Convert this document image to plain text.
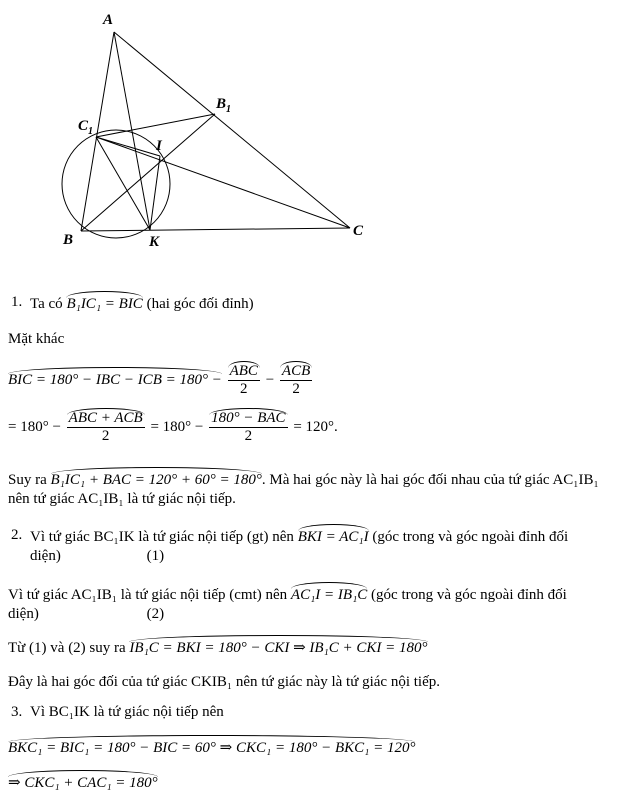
A
$B_1$
$C_1$
I
B	K
C
1. Ta có B₁IC₁ = BIC (hai góc đối đỉnh)
Mặt khác
BIC = 180° − IBC − ICB = $180^\circ - \frac{\text{ABC}}{2} - \frac{\text{ACB}}{2}$
= $180^\circ - \frac{\text{ABC + ACB}}{2} = 180^\circ - \frac{\text{180° − BAC}}{2} = 120^\circ$.
Suy ra B₁IC₁ + BAC = 120° + 60° = 180°. Mà hai góc này là hai góc đối nhau của tứ giác AC₁IB₁
nên tứ giác AC₁IB₁ là tứ giác nội tiếp.
2. Vì tứ giác BC₁IK là tứ giác nội tiếp (gt) nên BKI = AC₁I (góc trong và góc ngoài đỉnh đối
diện)	(1)
Vì tứ giác AC₁IB₁ là tứ giác nội tiếp (cmt) nên AC₁I = IB₁C (góc trong và góc ngoài đỉnh đối
diện)	(2)
Từ (1) và (2) suy ra IB₁C = BKI = 180° − CKI ⇒ IB₁C + CKI = 180°
Đây là hai góc đối của tứ giác CKIB₁ nên tứ giác này là tứ giác nội tiếp.
3. Vì BC₁IK là tứ giác nội tiếp nên
BKC₁ = BIC₁ = 180° − BIC = 60° ⇒ CKC₁ = 180° − BKC₁ = 120°
⇒ CKC₁ + CAC₁ = 180°
